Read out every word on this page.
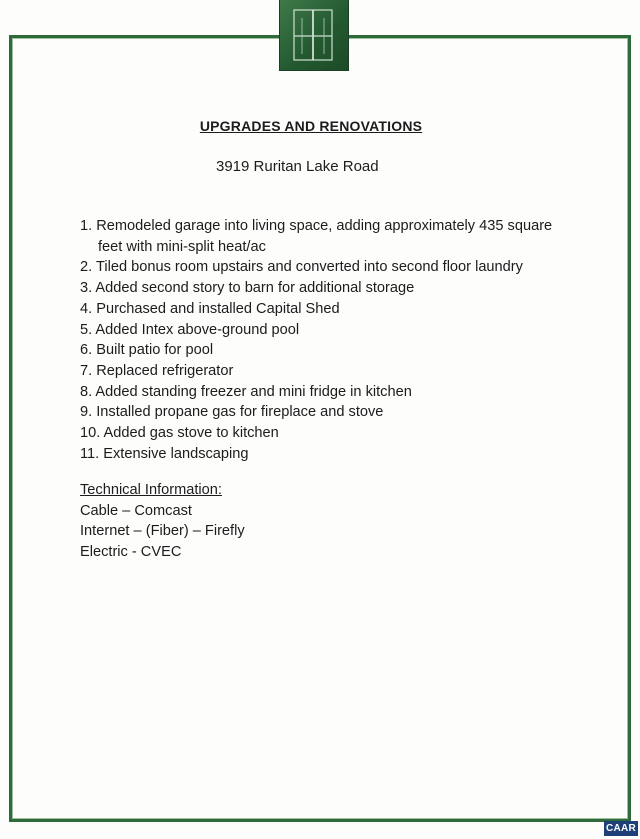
UPGRADES AND RENOVATIONS

3919 Ruritan Lake Road

1. Remodeled garage into living space, adding approximately 435 square
feet with mini-split heat/ac
2. Tiled bonus room upstairs and converted into second floor laundry
3. Added second story to barn for additional storage
4. Purchased and installed Capital Shed
5. Added Intex above-ground pool
6. Built patio for pool
7. Replaced refrigerator
8. Added standing freezer and mini fridge in kitchen
9. Installed propane gas for fireplace and stove
10. Added gas stove to kitchen
11. Extensive landscaping
Technical Information:
Cable – Comcast
Internet – (Fiber) – Firefly
Electric - CVEC
CAAR
